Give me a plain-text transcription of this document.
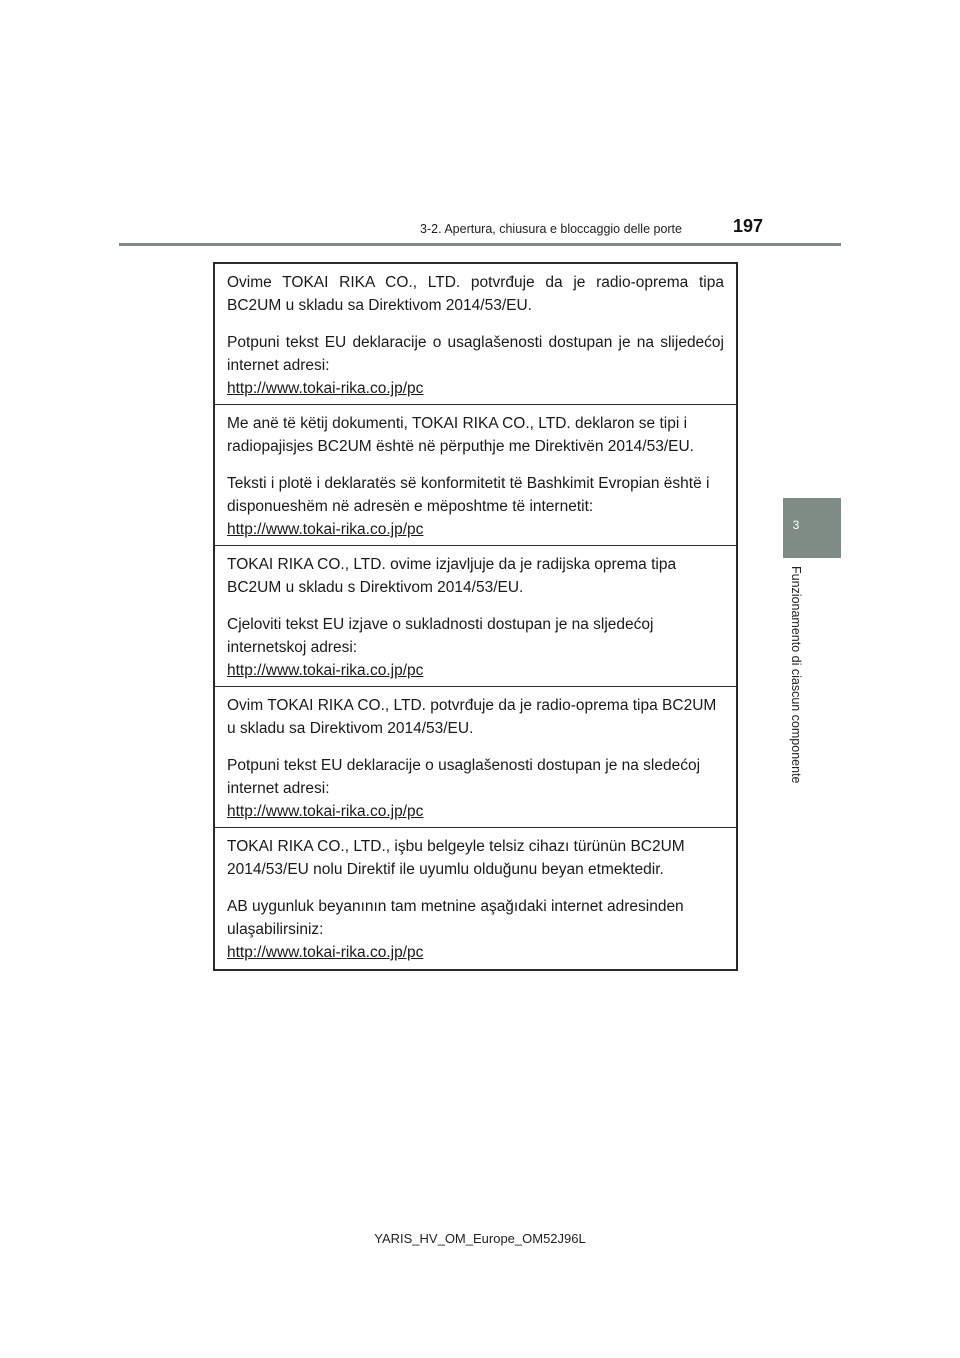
3-2. Apertura, chiusura e bloccaggio delle porte	197
3
Funzionamento di ciascun componente

Ovime TOKAI RIKA CO., LTD. potvrđuje da je radio-oprema tipa BC2UM u skladu sa Direktivom 2014/53/EU.

Potpuni tekst EU deklaracije o usaglašenosti dostupan je na slijedećoj internet adresi:

http://www.tokai-rika.co.jp/pc

Me anë të këtij dokumenti, TOKAI RIKA CO., LTD. deklaron se tipi i radiopajisjes BC2UM është në përputhje me Direktivën 2014/53/EU.

Teksti i plotë i deklaratës së konformitetit të Bashkimit Evropian është i disponueshëm në adresën e mëposhtme të internetit:

http://www.tokai-rika.co.jp/pc

TOKAI RIKA CO., LTD. ovime izjavljuje da je radijska oprema tipa BC2UM u skladu s Direktivom 2014/53/EU.

Cjeloviti tekst EU izjave o sukladnosti dostupan je na sljedećoj internetskoj adresi:

http://www.tokai-rika.co.jp/pc

Ovim TOKAI RIKA CO., LTD. potvrđuje da je radio-oprema tipa BC2UM u skladu sa Direktivom 2014/53/EU.

Potpuni tekst EU deklaracije o usaglašenosti dostupan je na sledećoj internet adresi:

http://www.tokai-rika.co.jp/pc

TOKAI RIKA CO., LTD., işbu belgeyle telsiz cihazı türünün BC2UM 2014/53/EU nolu Direktif ile uyumlu olduğunu beyan etmektedir.

AB uygunluk beyanının tam metnine aşağıdaki internet adresinden ulaşabilirsiniz:

http://www.tokai-rika.co.jp/pc
YARIS_HV_OM_Europe_OM52J96L
